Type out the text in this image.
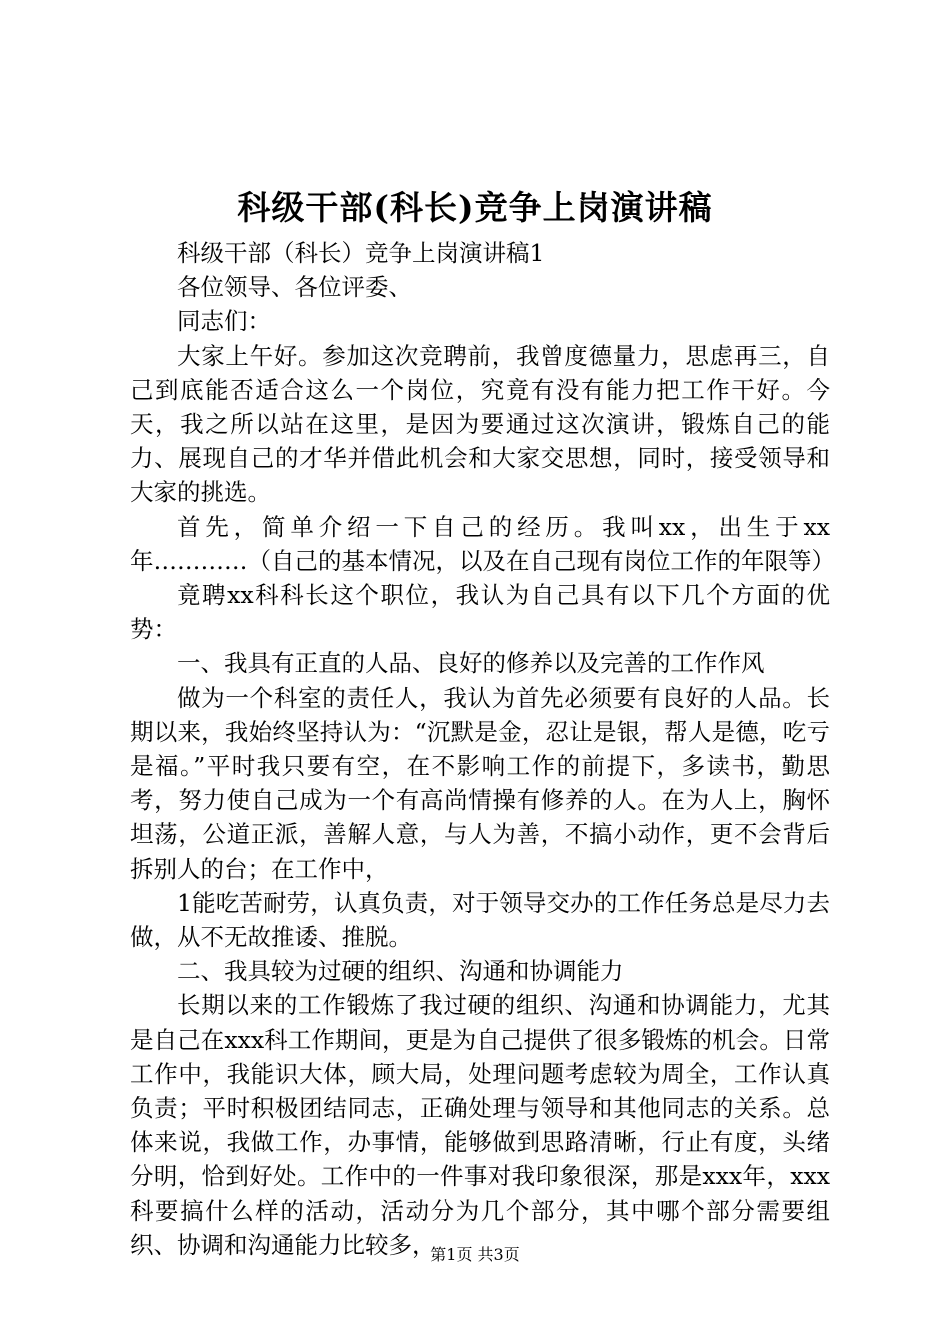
科级干部(科长)竞争上岗演讲稿

科级干部（科长）竞争上岗演讲稿1

各位领导、各位评委、

同志们：

大家上午好。参加这次竞聘前，我曾度德量力，思虑再三，自己到底能否适合这么一个岗位，究竟有没有能力把工作干好。今天，我之所以站在这里，是因为要通过这次演讲，锻炼自己的能力、展现自己的才华并借此机会和大家交思想，同时，接受领导和大家的挑选。

首先，简单介绍一下自己的经历。我叫xx，出生于xx年…………（自己的基本情况，以及在自己现有岗位工作的年限等）

竟聘xx科科长这个职位，我认为自己具有以下几个方面的优势：

一、我具有正直的人品、良好的修养以及完善的工作作风

做为一个科室的责任人，我认为首先必须要有良好的人品。长期以来，我始终坚持认为：“沉默是金，忍让是银，帮人是德，吃亏是福。”平时我只要有空，在不影响工作的前提下，多读书，勤思考，努力使自己成为一个有高尚情操有修养的人。在为人上，胸怀坦荡，公道正派，善解人意，与人为善，不搞小动作，更不会背后拆别人的台；在工作中，

1能吃苦耐劳，认真负责，对于领导交办的工作任务总是尽力去做，从不无故推诿、推脱。

二、我具较为过硬的组织、沟通和协调能力

长期以来的工作锻炼了我过硬的组织、沟通和协调能力，尤其是自己在xxx科工作期间，更是为自己提供了很多锻炼的机会。日常工作中，我能识大体，顾大局，处理问题考虑较为周全，工作认真负责；平时积极团结同志，正确处理与领导和其他同志的关系。总体来说，我做工作，办事情，能够做到思路清晰，行止有度，头绪分明，恰到好处。工作中的一件事对我印象很深，那是xxx年，xxx科要搞什么样的活动，活动分为几个部分，其中哪个部分需要组织、协调和沟通能力比较多，

第1页 共3页
